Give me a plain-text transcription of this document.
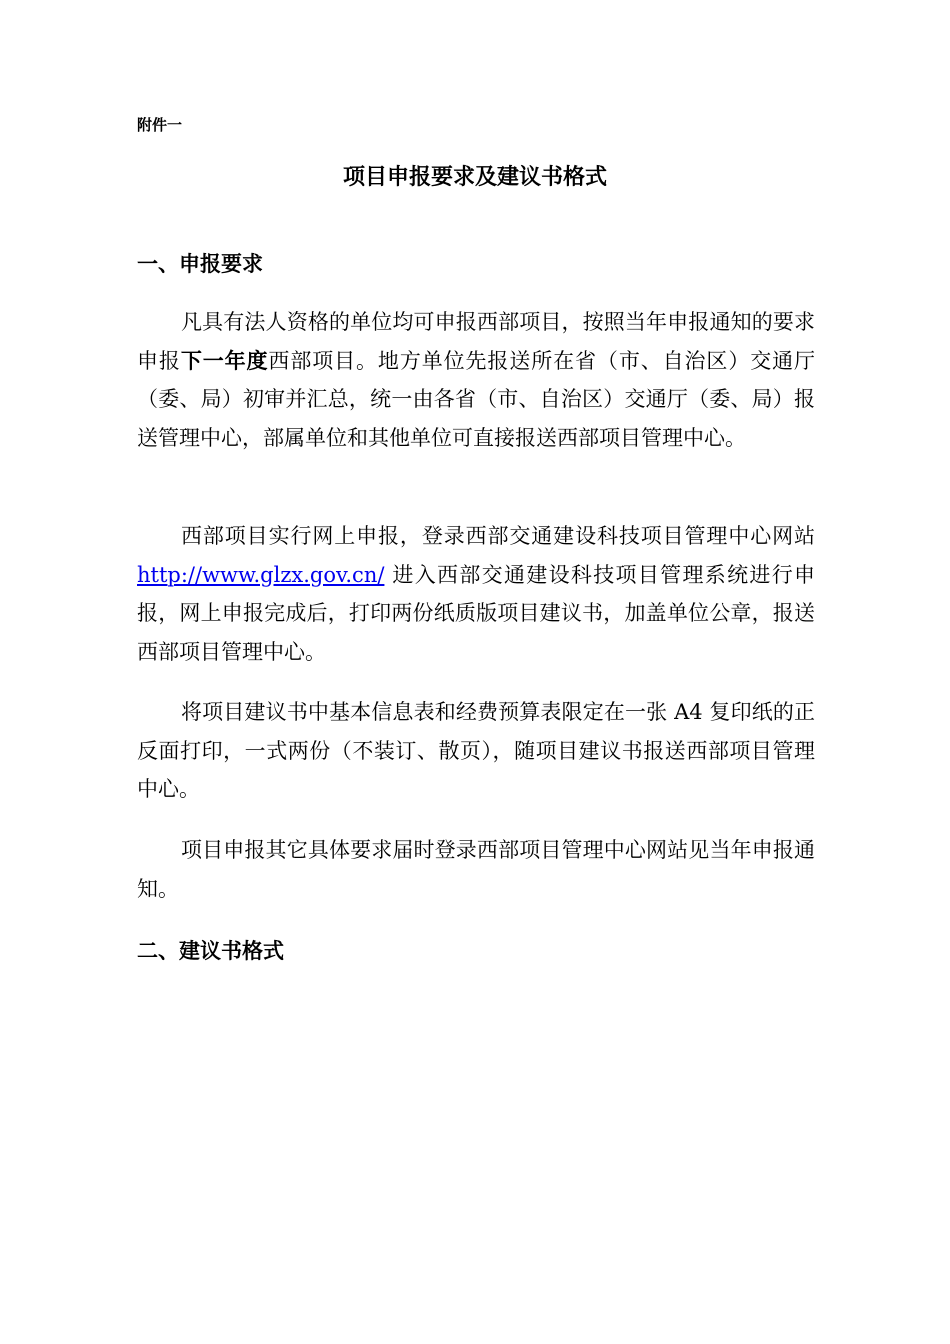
附件一
项目申报要求及建议书格式
一、申报要求

凡具有法人资格的单位均可申报西部项目，按照当年申报通知的要求申报下一年度西部项目。地方单位先报送所在省（市、自治区）交通厅（委、局）初审并汇总，统一由各省（市、自治区）交通厅（委、局）报送管理中心，部属单位和其他单位可直接报送西部项目管理中心。

西部项目实行网上申报，登录西部交通建设科技项目管理中心网站http://www.glzx.gov.cn/ 进入西部交通建设科技项目管理系统进行申报，网上申报完成后，打印两份纸质版项目建议书，加盖单位公章，报送西部项目管理中心。

将项目建议书中基本信息表和经费预算表限定在一张 A4 复印纸的正反面打印，一式两份（不装订、散页），随项目建议书报送西部项目管理中心。

项目申报其它具体要求届时登录西部项目管理中心网站见当年申报通知。

二、建议书格式
